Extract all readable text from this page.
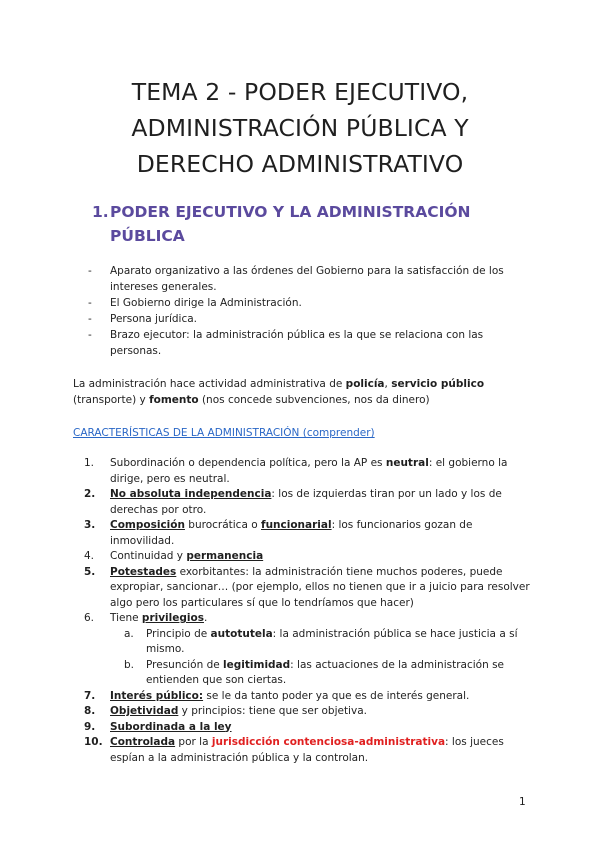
TEMA 2 - PODER EJECUTIVO,
ADMINISTRACIÓN PÚBLICA Y
DERECHO ADMINISTRATIVO
1. PODER EJECUTIVO Y LA ADMINISTRACIÓN PÚBLICA
- Aparato organizativo a las órdenes del Gobierno para la satisfacción de los intereses generales.
- El Gobierno dirige la Administración.
- Persona jurídica.
- Brazo ejecutor: la administración pública es la que se relaciona con las personas.

La administración hace actividad administrativa de policía, servicio público (transporte) y fomento (nos concede subvenciones, nos da dinero)

CARACTERÍSTICAS DE LA ADMINISTRACIÓN (comprender)

1. Subordinación o dependencia política, pero la AP es neutral: el gobierno la dirige, pero es neutral.
2. No absoluta independencia: los de izquierdas tiran por un lado y los de derechas por otro.
3. Composición burocrática o funcionarial: los funcionarios gozan de inmovilidad.
4. Continuidad y permanencia
5. Potestades exorbitantes: la administración tiene muchos poderes, puede expropiar, sancionar… (por ejemplo, ellos no tienen que ir a juicio para resolver algo pero los particulares sí que lo tendríamos que hacer)
6. Tiene privilegios.
a. Principio de autotutela: la administración pública se hace justicia a sí mismo.
b. Presunción de legitimidad: las actuaciones de la administración se entienden que son ciertas.
7. Interés público: se le da tanto poder ya que es de interés general.
8. Objetividad y principios: tiene que ser objetiva.
9. Subordinada a la ley
10. Controlada por la jurisdicción contenciosa-administrativa: los jueces espían a la administración pública y la controlan.
1
